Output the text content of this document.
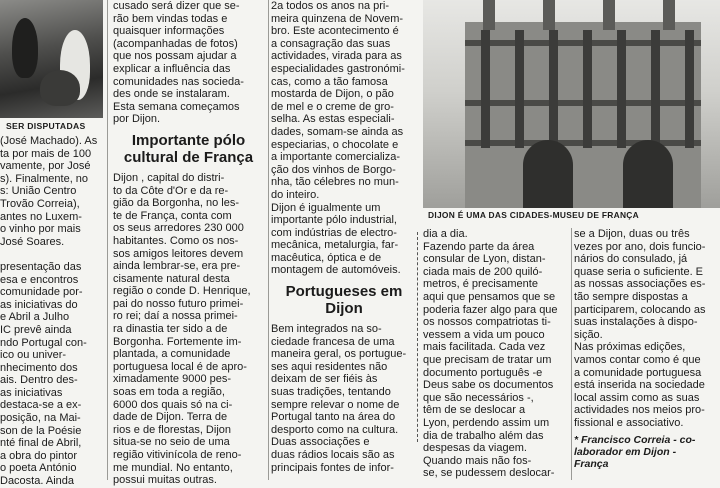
SER DISPUTADAS

(José Machado). As
ta por mais de 100
vamente, por José
s). Finalmente, no
s: União Centro
Trovão Correia),
antes no Luxem-
o vinho por mais
José Soares.

presentação das
esa e encontros
comunidade por-
as iniciativas do
e Abril a Julho
IC prevê ainda
ndo Portugal con-
ico ou univer-
nhecimento dos
ais. Dentro des-
as iniciativas
destaca-se a ex-
posição, na Mai-
son de la Poésie
nté final de Abril,
a obra do pintor
o poeta António
Dacosta. Ainda

cusado será dizer que se-
rão bem vindas todas e
quaisquer informações
(acompanhadas de fotos)
que nos possam ajudar a
explicar a influência das
comunidades nas socieda-
des onde se instalaram.
Esta semana começamos
por Dijon.

Importante pólo cultural de França

Dijon , capital do distri-
to da Côte d'Or e da re-
gião da Borgonha, no les-
te de França, conta com
os seus arredores 230 000
habitantes. Como os nos-
sos amigos leitores devem
ainda lembrar-se, era pre-
cisamente natural desta
região o conde D. Henrique,
pai do nosso futuro primei-
ro rei; daí a nossa primei-
ra dinastia ter sido a de
Borgonha. Fortemente im-
plantada, a comunidade
portuguesa local é de apro-
ximadamente 9000 pes-
soas em toda a região,
6000 dos quais só na ci-
dade de Dijon. Terra de
rios e de florestas, Dijon
situa-se no seio de uma
região vitivinícola de reno-
me mundial. No entanto,
possui muitas outras.

2a todos os anos na pri-
meira quinzena de Novem-
bro. Este acontecimento é
a consagração das suas
actividades, virada para as
especialidades gastronómi-
cas, como a tão famosa
mostarda de Dijon, o pão
de mel e o creme de gro-
selha. As estas especiali-
dades, somam-se ainda as
especiarias, o chocolate e
a importante comercializa-
ção dos vinhos de Borgo-
nha, tão célebres no mun-
do inteiro.
Dijon é igualmente um
importante pólo industrial,
com indústrias de electro-
mecânica, metalurgia, far-
macêutica, óptica e de
montagem de automóveis.

Portugueses em Dijon

Bem integrados na so-
ciedade francesa de uma
maneira geral, os portugue-
ses aqui residentes não
deixam de ser fiéis às
suas tradições, tentando
sempre relevar o nome de
Portugal tanto na área do
desporto como na cultura.
Duas associações e
duas rádios locais são as
principais fontes de infor-

DIJON É UMA DAS CIDADES-MUSEU DE FRANÇA

dia a dia.
Fazendo parte da área
consular de Lyon, distan-
ciada mais de 200 quiló-
metros, é precisamente
aqui que pensamos que se
poderia fazer algo para que
os nossos compatriotas ti-
vessem a vida um pouco
mais facilitada. Cada vez
que precisam de tratar um
documento português -e
Deus sabe os documentos
que são necessários -,
têm de se deslocar a
Lyon, perdendo assim um
dia de trabalho além das
despesas da viagem.
Quando mais não fos-
se, se pudessem deslocar-

se a Dijon, duas ou três
vezes por ano, dois funcio-
nários do consulado, já
quase seria o suficiente. E
as nossas associações es-
tão sempre dispostas a
participarem, colocando as
suas instalações à dispo-
sição.
Nas próximas edições,
vamos contar como é que
a comunidade portuguesa
está inserida na sociedade
local assim como as suas
actividades nos meios pro-
fissional e associativo.

* Francisco Correia - co-
laborador em Dijon -
França
